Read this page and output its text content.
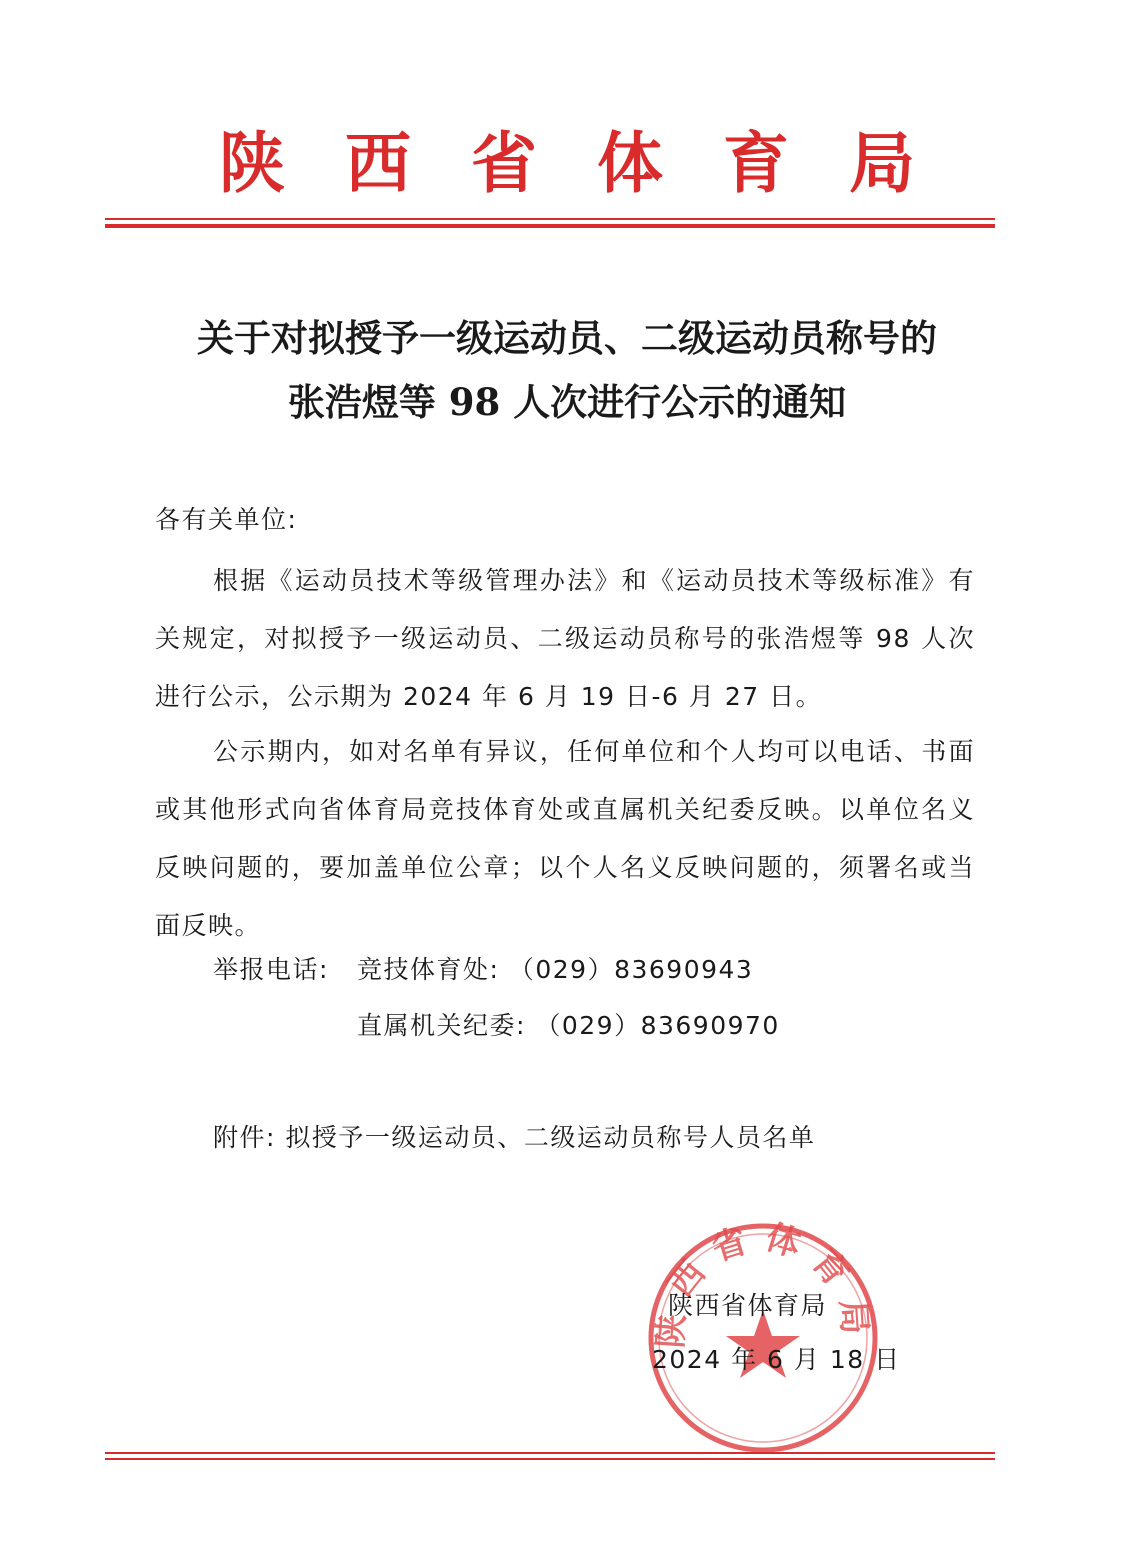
陕西省体育局
关于对拟授予一级运动员、二级运动员称号的
张浩煜等 98 人次进行公示的通知
各有关单位:
根据《运动员技术等级管理办法》和《运动员技术等级标准》有关规定，对拟授予一级运动员、二级运动员称号的张浩煜等 98 人次进行公示，公示期为 2024 年 6 月 19 日-6 月 27 日。
公示期内，如对名单有异议，任何单位和个人均可以电话、书面或其他形式向省体育局竞技体育处或直属机关纪委反映。以单位名义反映问题的，要加盖单位公章；以个人名义反映问题的，须署名或当面反映。
举报电话: 竞技体育处: （029）83690943
直属机关纪委: （029）83690970
附件: 拟授予一级运动员、二级运动员称号人员名单
陕西省体育局
陕西省体育局
2024 年 6 月 18 日
